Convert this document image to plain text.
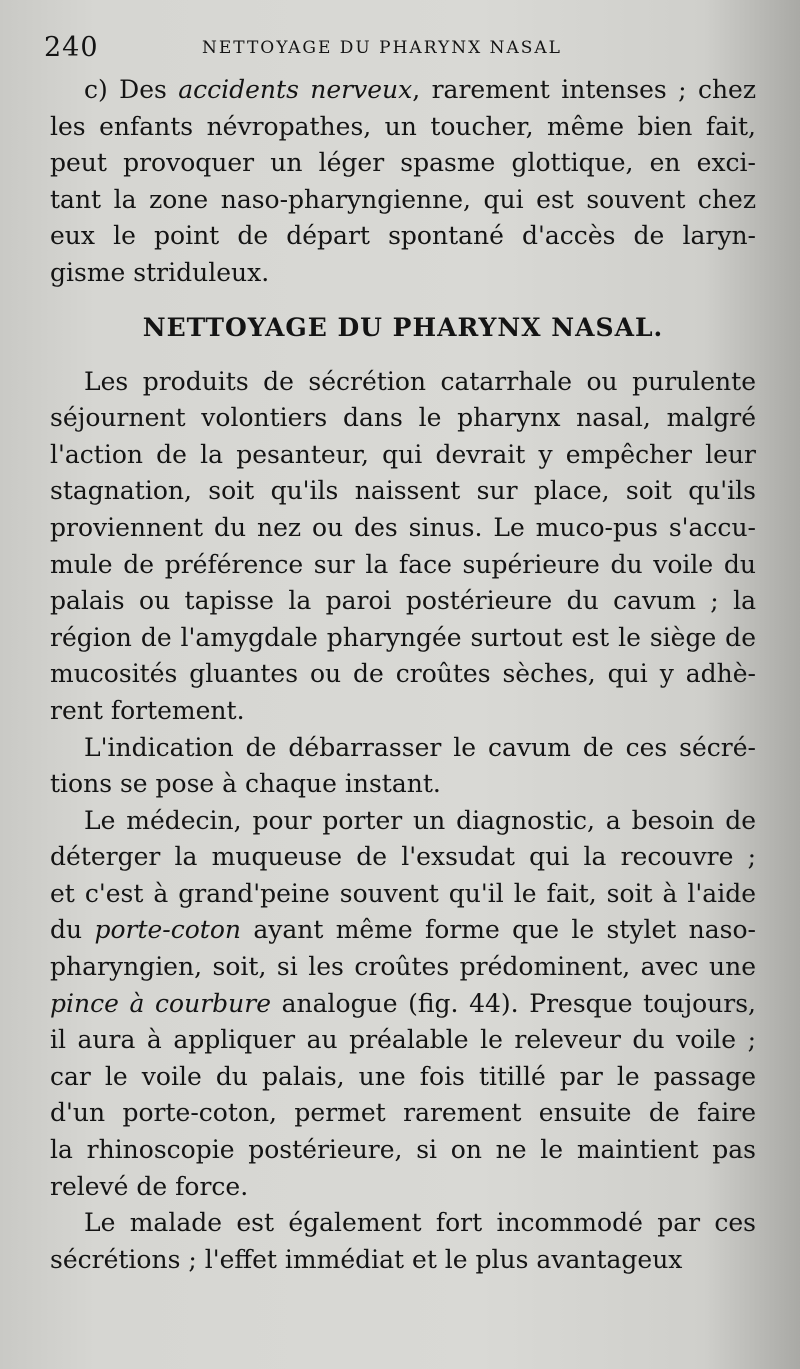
240	NETTOYAGE DU PHARYNX NASAL
c) Des accidents nerveux, rarement intenses ; chez
les enfants névropathes, un toucher, même bien fait,
peut provoquer un léger spasme glottique, en exci-
tant la zone naso-pharyngienne, qui est souvent chez
eux le point de départ spontané d'accès de laryn-
gisme striduleux.
NETTOYAGE DU PHARYNX NASAL.
Les produits de sécrétion catarrhale ou purulente
séjournent volontiers dans le pharynx nasal, malgré
l'action de la pesanteur, qui devrait y empêcher leur
stagnation, soit qu'ils naissent sur place, soit qu'ils
proviennent du nez ou des sinus. Le muco-pus s'accu-
mule de préférence sur la face supérieure du voile du
palais ou tapisse la paroi postérieure du cavum ; la
région de l'amygdale pharyngée surtout est le siège de
mucosités gluantes ou de croûtes sèches, qui y adhè-
rent fortement.
L'indication de débarrasser le cavum de ces sécré-
tions se pose à chaque instant.
Le médecin, pour porter un diagnostic, a besoin de
déterger la muqueuse de l'exsudat qui la recouvre ;
et c'est à grand'peine souvent qu'il le fait, soit à l'aide
du porte-coton ayant même forme que le stylet naso-
pharyngien, soit, si les croûtes prédominent, avec une
pince à courbure analogue (fig. 44). Presque toujours,
il aura à appliquer au préalable le releveur du voile ;
car le voile du palais, une fois titillé par le passage
d'un porte-coton, permet rarement ensuite de faire
la rhinoscopie postérieure, si on ne le maintient pas
relevé de force.
Le malade est également fort incommodé par ces
sécrétions ; l'effet immédiat et le plus avantageux
